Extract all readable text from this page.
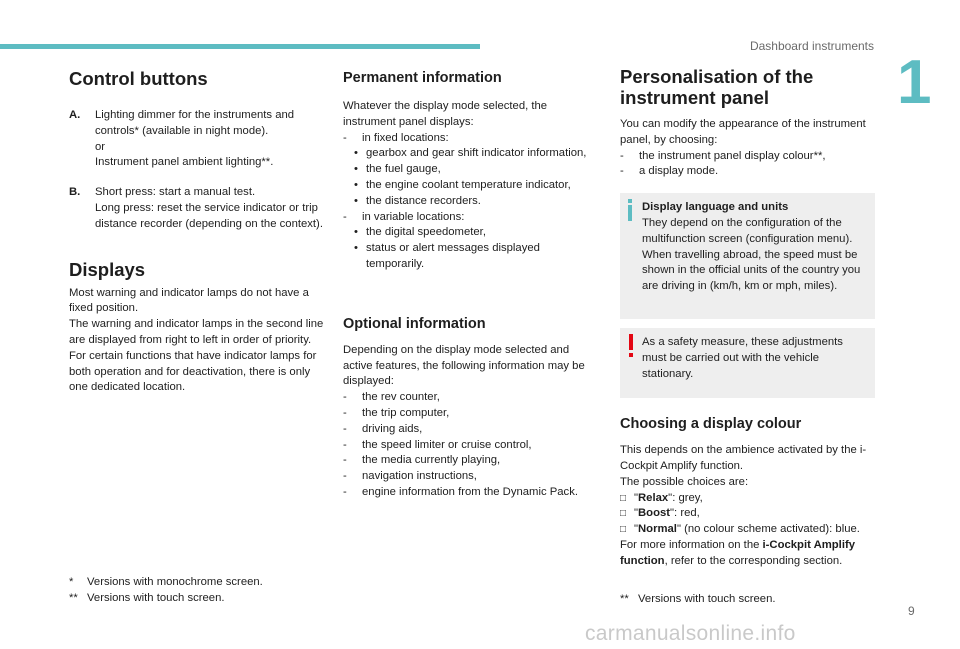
Dashboard instruments
1
9
carmanualsonline.info
Control buttons
A.	Lighting dimmer for the instruments and controls* (available in night mode).
or
Instrument panel ambient lighting**.
B.	Short press: start a manual test.
Long press: reset the service indicator or trip distance recorder (depending on the context).
Displays
Most warning and indicator lamps do not have a fixed position.
The warning and indicator lamps in the second line are displayed from right to left in order of priority.
For certain functions that have indicator lamps for both operation and for deactivation, there is only one dedicated location.
*	Versions with monochrome screen.
** Versions with touch screen.
Permanent information
Whatever the display mode selected, the instrument panel displays:
-	in fixed locations:
• gearbox and gear shift indicator information,
• the fuel gauge,
• the engine coolant temperature indicator,
• the distance recorders.
-	in variable locations:
• the digital speedometer,
• status or alert messages displayed temporarily.
Optional information
Depending on the display mode selected and active features, the following information may be displayed:
-	the rev counter,
-	the trip computer,
-	driving aids,
-	the speed limiter or cruise control,
-	the media currently playing,
-	navigation instructions,
-	engine information from the Dynamic Pack.
Personalisation of the instrument panel
You can modify the appearance of the instrument panel, by choosing:
-	the instrument panel display colour**,
-	a display mode.
Display language and units
They depend on the configuration of the multifunction screen (configuration menu). When travelling abroad, the speed must be shown in the official units of the country you are driving in (km/h, km or mph, miles).
As a safety measure, these adjustments must be carried out with the vehicle stationary.
Choosing a display colour
This depends on the ambience activated by the i-Cockpit Amplify function.
The possible choices are:
□ "Relax": grey,
□ "Boost": red,
□ "Normal" (no colour scheme activated): blue.
For more information on the i-Cockpit Amplify function, refer to the corresponding section.
** Versions with touch screen.
